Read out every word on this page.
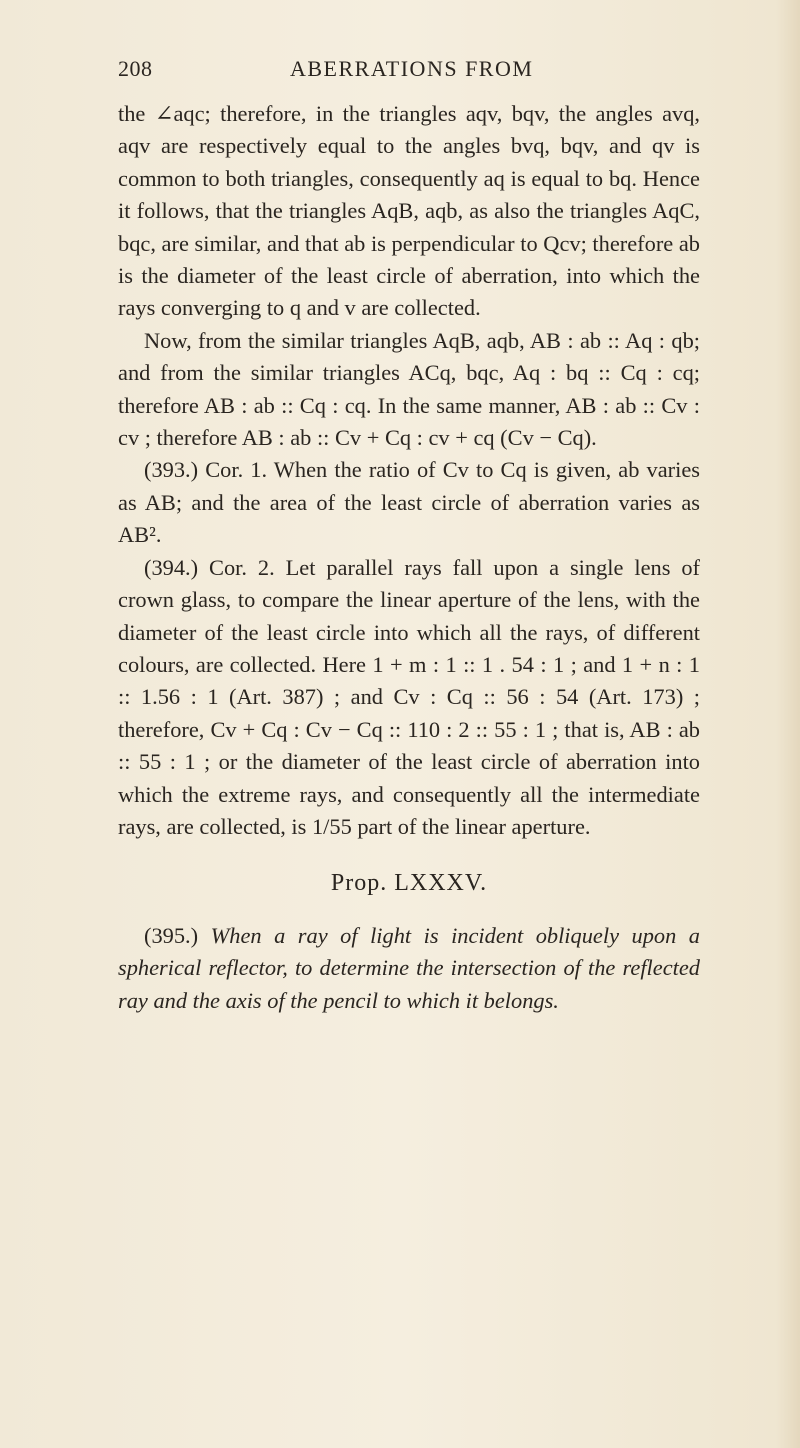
208	ABERRATIONS FROM

the ∠aqc; therefore, in the triangles aqv, bqv, the angles avq, aqv are respectively equal to the angles bvq, bqv, and qv is common to both triangles, consequently aq is equal to bq. Hence it follows, that the triangles AqB, aqb, as also the triangles AqC, bqc, are similar, and that ab is perpendicular to Qcv; therefore ab is the diameter of the least circle of aberration, into which the rays converging to q and v are collected.

Now, from the similar triangles AqB, aqb, AB : ab :: Aq : qb; and from the similar triangles ACq, bqc, Aq : bq :: Cq : cq; therefore AB : ab :: Cq : cq. In the same manner, AB : ab :: Cv : cv ; therefore AB : ab :: Cv + Cq : cv + cq (Cv − Cq).

(393.) Cor. 1. When the ratio of Cv to Cq is given, ab varies as AB; and the area of the least circle of aberration varies as AB².

(394.) Cor. 2. Let parallel rays fall upon a single lens of crown glass, to compare the linear aperture of the lens, with the diameter of the least circle into which all the rays, of different colours, are collected. Here 1 + m : 1 :: 1 . 54 : 1 ; and 1 + n : 1 :: 1.56 : 1 (Art. 387) ; and Cv : Cq :: 56 : 54 (Art. 173) ; therefore, Cv + Cq : Cv − Cq :: 110 : 2 :: 55 : 1 ; that is, AB : ab :: 55 : 1 ; or the diameter of the least circle of aberration into which the extreme rays, and consequently all the intermediate rays, are collected, is 1/55 part of the linear aperture.

Prop. LXXXV.

(395.) When a ray of light is incident obliquely upon a spherical reflector, to determine the intersection of the reflected ray and the axis of the pencil to which it belongs.
